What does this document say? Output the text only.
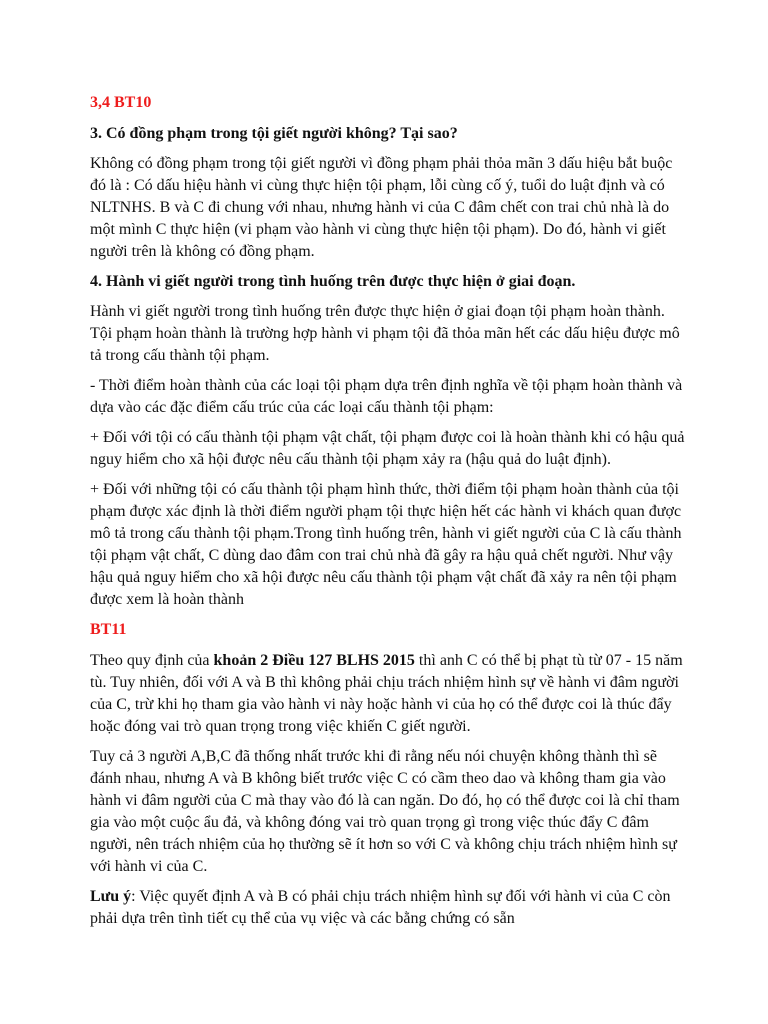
3,4 BT10

3. Có đồng phạm trong tội giết người không? Tại sao?

Không có đồng phạm trong tội giết người vì đồng phạm phải thỏa mãn 3 dấu hiệu bắt buộc đó là : Có dấu hiệu hành vi cùng thực hiện tội phạm, lỗi cùng cố ý, tuổi do luật định và có NLTNHS. B và C đi chung với nhau, nhưng hành vi của C đâm chết con trai chủ nhà là do một mình C thực hiện (vi phạm vào hành vi cùng thực hiện tội phạm). Do đó, hành vi giết người trên là không có đồng phạm.

4. Hành vi giết người trong tình huống trên được thực hiện ở giai đoạn.

Hành vi giết người trong tình huống trên được thực hiện ở giai đoạn tội phạm hoàn thành. Tội phạm hoàn thành là trường hợp hành vi phạm tội đã thỏa mãn hết các dấu hiệu được mô tả trong cấu thành tội phạm.

- Thời điểm hoàn thành của các loại tội phạm dựa trên định nghĩa về tội phạm hoàn thành và dựa vào các đặc điểm cấu trúc của các loại cấu thành tội phạm:

+ Đối với tội có cấu thành tội phạm vật chất, tội phạm được coi là hoàn thành khi có hậu quả nguy hiểm cho xã hội được nêu cấu thành tội phạm xảy ra (hậu quả do luật định).

+ Đối với những tội có cấu thành tội phạm hình thức, thời điểm tội phạm hoàn thành của tội phạm được xác định là thời điểm người phạm tội thực hiện hết các hành vi khách quan được mô tả trong cấu thành tội phạm.Trong tình huống trên, hành vi giết người của C là cấu thành tội phạm vật chất, C dùng dao đâm con trai chủ nhà đã gây ra hậu quả chết người. Như vậy hậu quả nguy hiểm cho xã hội được nêu cấu thành tội phạm vật chất đã xảy ra nên tội phạm được xem là hoàn thành

BT11

Theo quy định của khoản 2 Điều 127 BLHS 2015 thì anh C có thể bị phạt tù từ 07 - 15 năm tù. Tuy nhiên, đối với A và B thì không phải chịu trách nhiệm hình sự về hành vi đâm người của C, trừ khi họ tham gia vào hành vi này hoặc hành vi của họ có thể được coi là thúc đẩy hoặc đóng vai trò quan trọng trong việc khiến C giết người.

Tuy cả 3 người A,B,C đã thống nhất trước khi đi rằng nếu nói chuyện không thành thì sẽ đánh nhau, nhưng A và B không biết trước việc C có cầm theo dao và không tham gia vào hành vi đâm người của C mà thay vào đó là can ngăn. Do đó, họ có thể được coi là chỉ tham gia vào một cuộc ẩu đả, và không đóng vai trò quan trọng gì trong việc thúc đẩy C đâm người, nên trách nhiệm của họ thường sẽ ít hơn so với C và không chịu trách nhiệm hình sự với hành vi của C.

Lưu ý: Việc quyết định A và B có phải chịu trách nhiệm hình sự đối với hành vi của C còn phải dựa trên tình tiết cụ thể của vụ việc và các bằng chứng có sẵn
